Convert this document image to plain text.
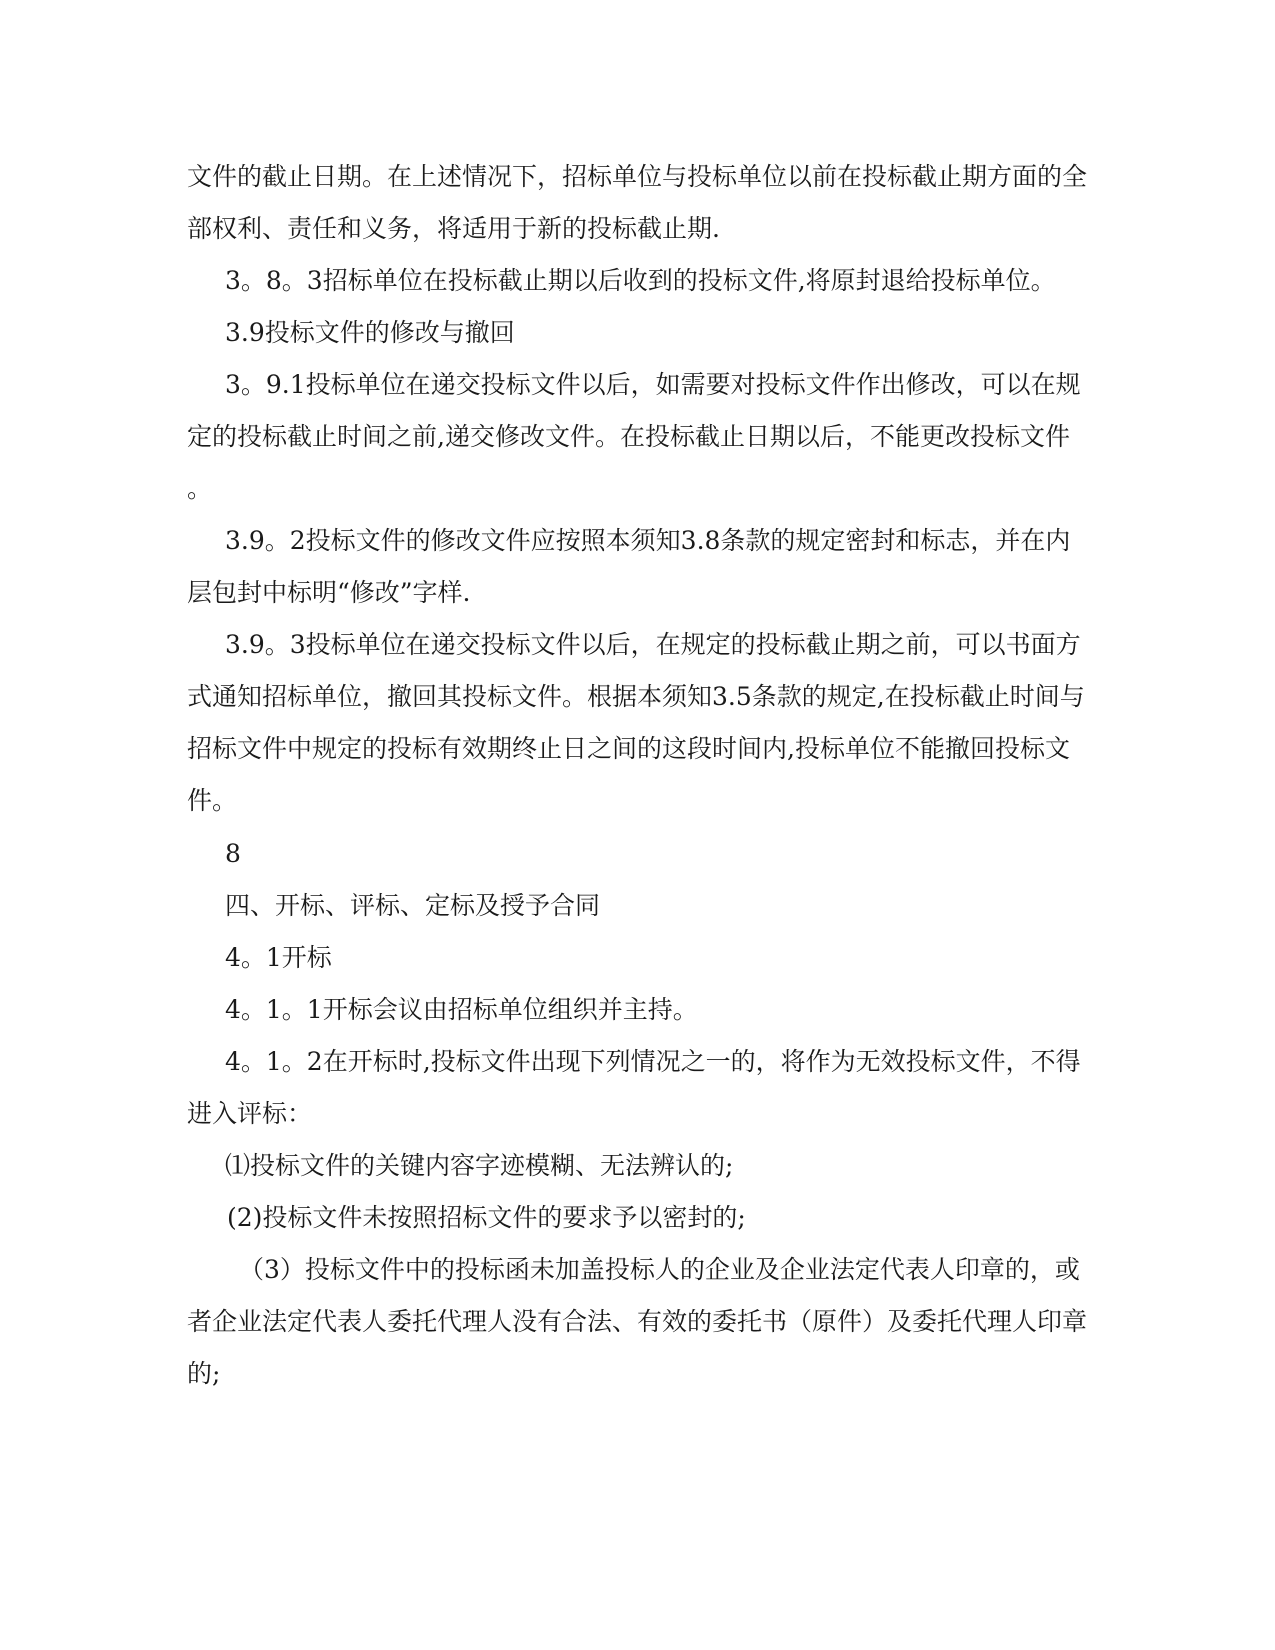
文件的截止日期。在上述情况下，招标单位与投标单位以前在投标截止期方面的全
部权利、责任和义务，将适用于新的投标截止期.
3。8。3招标单位在投标截止期以后收到的投标文件,将原封退给投标单位。
3.9投标文件的修改与撤回
3。9.1投标单位在递交投标文件以后，如需要对投标文件作出修改，可以在规
定的投标截止时间之前,递交修改文件。在投标截止日期以后，不能更改投标文件
。
3.9。2投标文件的修改文件应按照本须知3.8条款的规定密封和标志，并在内
层包封中标明“修改”字样.
3.9。3投标单位在递交投标文件以后，在规定的投标截止期之前，可以书面方
式通知招标单位，撤回其投标文件。根据本须知3.5条款的规定,在投标截止时间与
招标文件中规定的投标有效期终止日之间的这段时间内,投标单位不能撤回投标文
件。
8
四、开标、评标、定标及授予合同
4。1开标
4。1。1开标会议由招标单位组织并主持。
4。1。2在开标时,投标文件出现下列情况之一的，将作为无效投标文件，不得
进入评标：
⑴投标文件的关键内容字迹模糊、无法辨认的;
(2)投标文件未按照招标文件的要求予以密封的;
（3）投标文件中的投标函未加盖投标人的企业及企业法定代表人印章的，或
者企业法定代表人委托代理人没有合法、有效的委托书（原件）及委托代理人印章
的;
